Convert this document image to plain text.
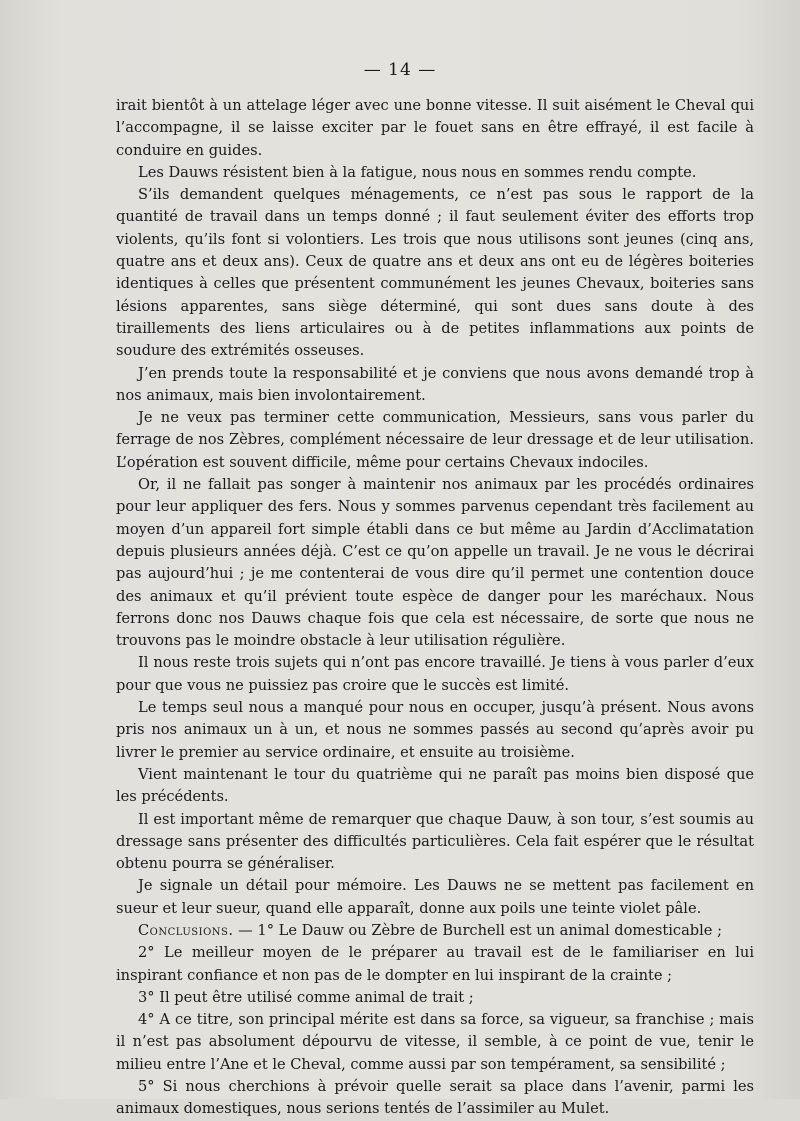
— 14 —

irait bientôt à un attelage léger avec une bonne vitesse. Il suit aisément le Cheval qui l’accompagne, il se laisse exciter par le fouet sans en être effrayé, il est facile à conduire en guides.

Les Dauws résistent bien à la fatigue, nous nous en sommes rendu compte.

S’ils demandent quelques ménagements, ce n’est pas sous le rapport de la quantité de travail dans un temps donné ; il faut seulement éviter des efforts trop violents, qu’ils font si volontiers. Les trois que nous utilisons sont jeunes (cinq ans, quatre ans et deux ans). Ceux de quatre ans et deux ans ont eu de légères boiteries identiques à celles que présentent communément les jeunes Chevaux, boiteries sans lésions apparentes, sans siège déterminé, qui sont dues sans doute à des tiraillements des liens articulaires ou à de petites inflammations aux points de soudure des extrémités osseuses.

J’en prends toute la responsabilité et je conviens que nous avons demandé trop à nos animaux, mais bien involontairement.

Je ne veux pas terminer cette communication, Messieurs, sans vous parler du ferrage de nos Zèbres, complément nécessaire de leur dressage et de leur utilisation. L’opération est souvent difficile, même pour certains Chevaux indociles.

Or, il ne fallait pas songer à maintenir nos animaux par les procédés ordinaires pour leur appliquer des fers. Nous y sommes parvenus cependant très facilement au moyen d’un appareil fort simple établi dans ce but même au Jardin d’Acclimatation depuis plusieurs années déjà. C’est ce qu’on appelle un travail. Je ne vous le décrirai pas aujourd’hui ; je me contenterai de vous dire qu’il permet une contention douce des animaux et qu’il prévient toute espèce de danger pour les maréchaux. Nous ferrons donc nos Dauws chaque fois que cela est nécessaire, de sorte que nous ne trouvons pas le moindre obstacle à leur utilisation régulière.

Il nous reste trois sujets qui n’ont pas encore travaillé. Je tiens à vous parler d’eux pour que vous ne puissiez pas croire que le succès est limité.

Le temps seul nous a manqué pour nous en occuper, jusqu’à présent. Nous avons pris nos animaux un à un, et nous ne sommes passés au second qu’après avoir pu livrer le premier au service ordinaire, et ensuite au troisième.

Vient maintenant le tour du quatrième qui ne paraît pas moins bien disposé que les précédents.

Il est important même de remarquer que chaque Dauw, à son tour, s’est soumis au dressage sans présenter des difficultés particulières. Cela fait espérer que le résultat obtenu pourra se généraliser.

Je signale un détail pour mémoire. Les Dauws ne se mettent pas facilement en sueur et leur sueur, quand elle apparaît, donne aux poils une teinte violet pâle.

Conclusions. — 1° Le Dauw ou Zèbre de Burchell est un animal domesticable ;

2° Le meilleur moyen de le préparer au travail est de le familiariser en lui inspirant confiance et non pas de le dompter en lui inspirant de la crainte ;

3° Il peut être utilisé comme animal de trait ;

4° A ce titre, son principal mérite est dans sa force, sa vigueur, sa franchise ; mais il n’est pas absolument dépourvu de vitesse, il semble, à ce point de vue, tenir le milieu entre l’Ane et le Cheval, comme aussi par son tempérament, sa sensibilité ;

5° Si nous cherchions à prévoir quelle serait sa place dans l’avenir, parmi les animaux domestiques, nous serions tentés de l’assimiler au Mulet.
